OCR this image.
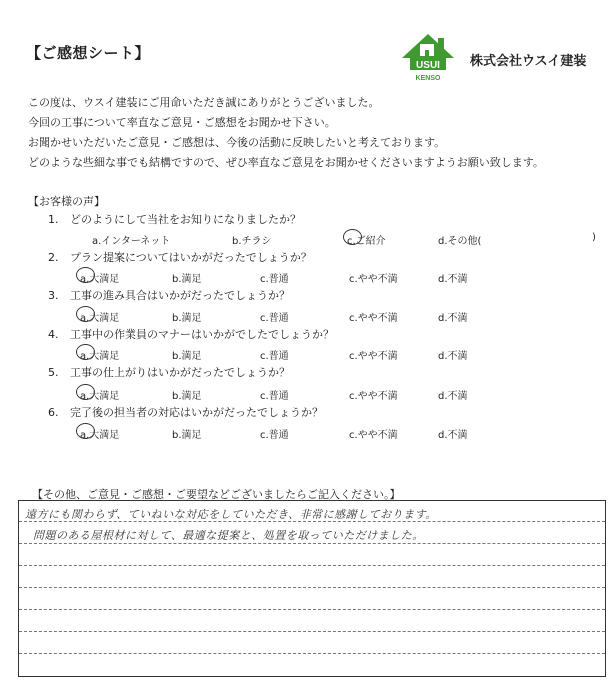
【ご感想シート】
USUI
KENSO
株式会社ウスイ建装
この度は、ウスイ建装にご用命いただき誠にありがとうございました。
今回の工事について率直なご意見・ご感想をお聞かせ下さい。
お聞かせいただいたご意見・ご感想は、今後の活動に反映したいと考えております。
どのような些細な事でも結構ですので、ぜひ率直なご意見をお聞かせくださいますようお願い致します。
【お客様の声】
1. どのようにして当社をお知りになりましたか？
a.インターネット	b.チラシ	c.ご紹介	d.その他(	)
2. プラン提案についてはいかがだったでしょうか？
a.大満足	b.満足	c.普通	c.やや不満	d.不満
3. 工事の進み具合はいかがだったでしょうか？
a.大満足	b.満足	c.普通	c.やや不満	d.不満
4. 工事中の作業員のマナーはいかがでしたでしょうか？
a.大満足	b.満足	c.普通	c.やや不満	d.不満
5. 工事の仕上がりはいかがだったでしょうか？
a.大満足	b.満足	c.普通	c.やや不満	d.不満
6. 完了後の担当者の対応はいかがだったでしょうか？
a.大満足	b.満足	c.普通	c.やや不満	d.不満
【その他、ご意見・ご感想・ご要望などございましたらご記入ください。】
遠方にも関わらず、ていねいな対応をしていただき、非常に感謝しております。
問題のある屋根材に対して、最適な提案と、処置を取っていただけました。
